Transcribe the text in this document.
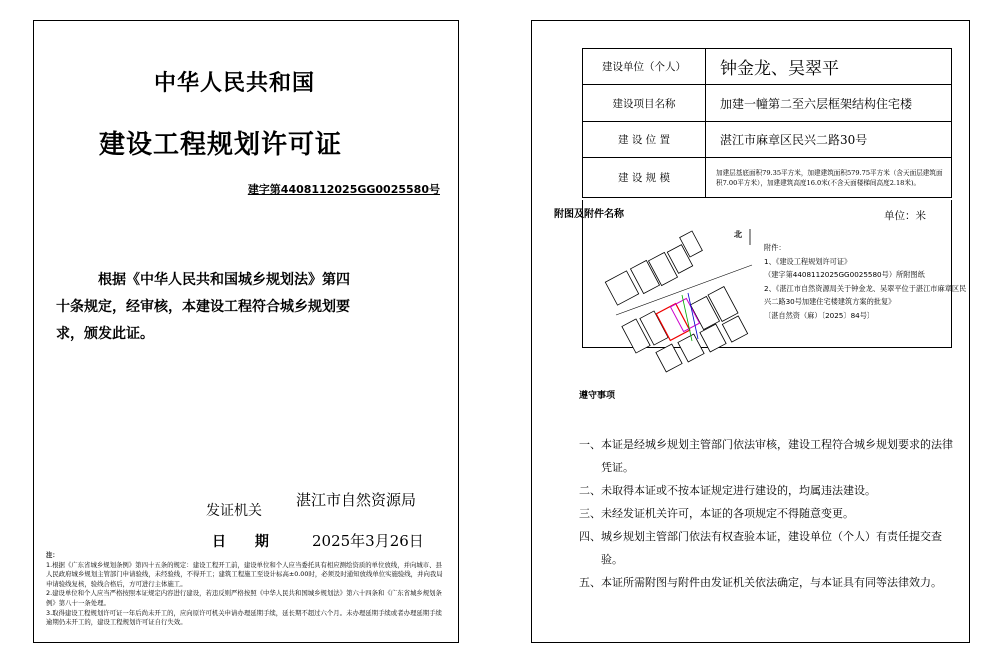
中华人民共和国
建设工程规划许可证
建字第4408112025GG0025580号
根据《中华人民共和国城乡规划法》第四十条规定，经审核，本建设工程符合城乡规划要求，颁发此证。
发证机关
湛江市自然资源局
日 期 2025年3月26日
注：
1.根据《广东省城乡规划条例》第四十五条的规定：建设工程开工前，建设单位和个人应当委托具有相应测绘资质的单位放线，并向城市、县人民政府城乡规划主管部门申请验线，未经验线，不得开工；建筑工程施工至设计标高±0.00时，必须及时通知放线单位实施验线，并向我局申请验线复核，验线合格后，方可进行主体施工。
2.建设单位和个人应当严格按照本证规定内容进行建设，若违反则严格按照《中华人民共和国城乡规划法》第六十四条和《广东省城乡规划条例》第八十一条处理。
3.取得建设工程规划许可证一年后尚未开工的，应向原许可机关申请办理延期手续，延长期不超过六个月。未办理延期手续或者办理延期手续逾期仍未开工的，建设工程规划许可证自行失效。
建设单位（个人）	钟金龙、吴翠平
建设项目名称	加建一幢第二至六层框架结构住宅楼
建 设 位 置	湛江市麻章区民兴二路30号
建 设 规 模	加建层基底面积79.35平方米，加建建筑面积579.75平方米（含天面层建筑面积7.00平方米），加建建筑高度16.0米(不含天面楼梯间高度2.18米)。
附图及附件名称	单位：米
北
附件：
1、《建设工程规划许可证》
（建字第4408112025GG0025580号）所附图纸
2、《湛江市自然资源局关于钟金龙、吴翠平位于湛江市麻章区民兴二路30号加建住宅楼建筑方案的批复》
〔湛自然资（麻）〔2025〕84号〕
遵守事项
一、本证是经城乡规划主管部门依法审核，建设工程符合城乡规划要求的法律凭证。
二、未取得本证或不按本证规定进行建设的，均属违法建设。
三、未经发证机关许可，本证的各项规定不得随意变更。
四、城乡规划主管部门依法有权查验本证，建设单位（个人）有责任提交查验。
五、本证所需附图与附件由发证机关依法确定，与本证具有同等法律效力。
